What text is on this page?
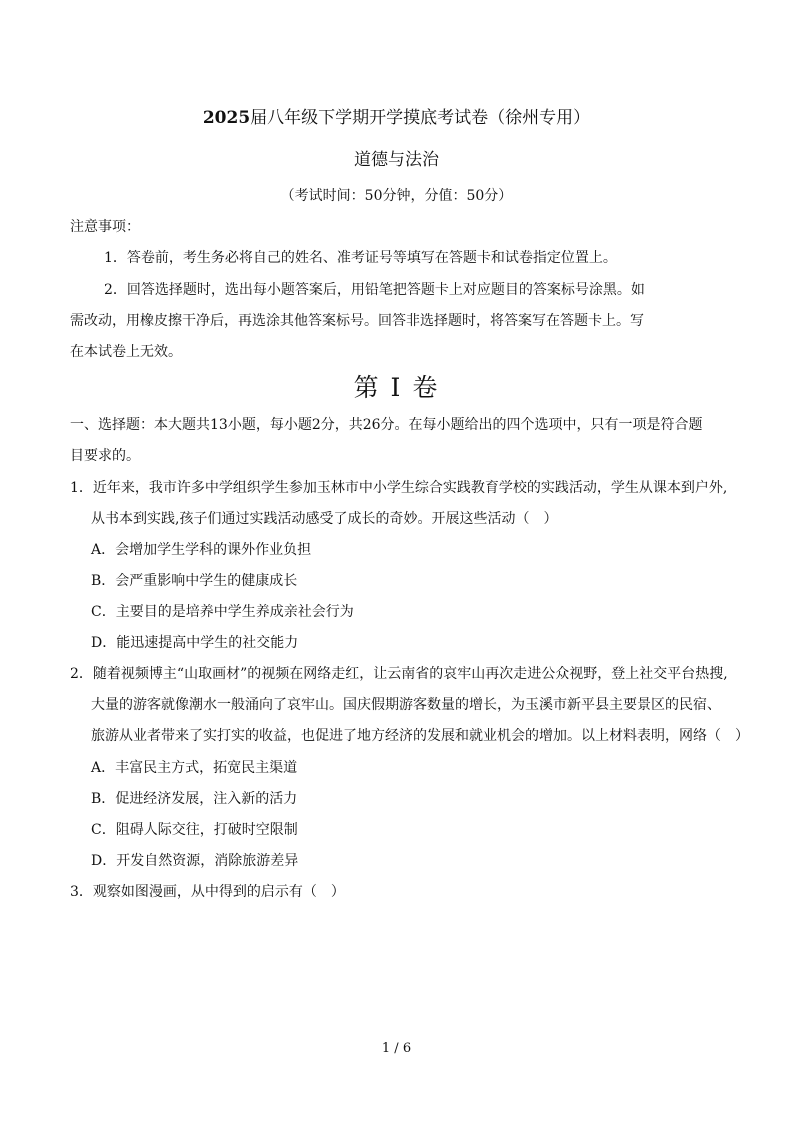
2025届八年级下学期开学摸底考试卷（徐州专用）
道德与法治
（考试时间：50分钟，分值：50分）
注意事项：
1．答卷前，考生务必将自己的姓名、准考证号等填写在答题卡和试卷指定位置上。
2．回答选择题时，选出每小题答案后，用铅笔把答题卡上对应题目的答案标号涂黑。如
需改动，用橡皮擦干净后，再选涂其他答案标号。回答非选择题时，将答案写在答题卡上。写
在本试卷上无效。
第 I 卷
一、选择题：本大题共13小题，每小题2分，共26分。在每小题给出的四个选项中，只有一项是符合题
目要求的。
1．近年来，我市许多中学组织学生参加玉林市中小学生综合实践教育学校的实践活动，学生从课本到户外,
从书本到实践,孩子们通过实践活动感受了成长的奇妙。开展这些活动（　）
A．会增加学生学科的课外作业负担
B．会严重影响中学生的健康成长
C．主要目的是培养中学生养成亲社会行为
D．能迅速提高中学生的社交能力
2．随着视频博主“山取画材”的视频在网络走红，让云南省的哀牢山再次走进公众视野，登上社交平台热搜,
大量的游客就像潮水一般涌向了哀牢山。国庆假期游客数量的增长，为玉溪市新平县主要景区的民宿、
旅游从业者带来了实打实的收益，也促进了地方经济的发展和就业机会的增加。以上材料表明，网络（　）
A．丰富民主方式，拓宽民主渠道
B．促进经济发展，注入新的活力
C．阻碍人际交往，打破时空限制
D．开发自然资源，消除旅游差异
3．观察如图漫画，从中得到的启示有（　）
1 / 6
